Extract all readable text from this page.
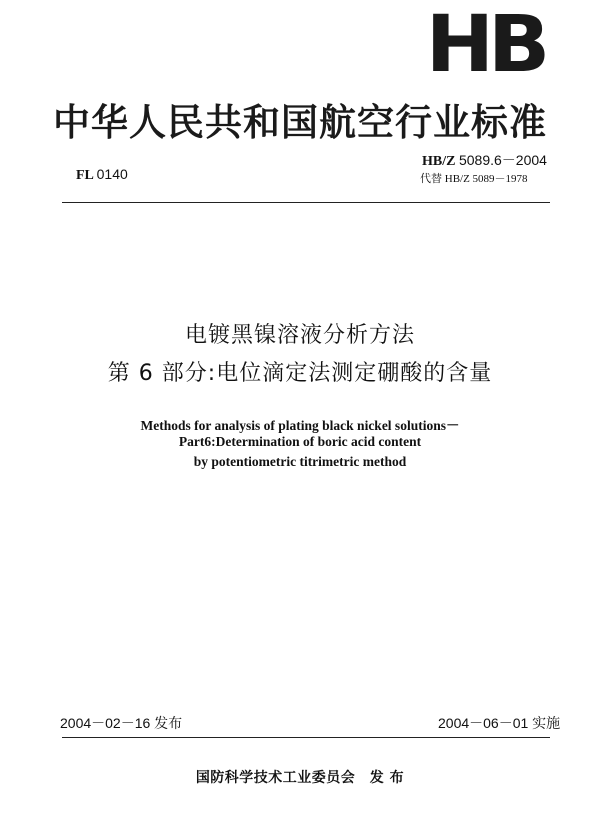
HB
中华人民共和国航空行业标准
FL 0140
HB/Z 5089.6－2004
代替 HB/Z 5089－1978
电镀黑镍溶液分析方法
第 6 部分:电位滴定法测定硼酸的含量
Methods for analysis of plating black nickel solutions－
Part6:Determination of boric acid content
by potentiometric titrimetric method
2004－02－16 发布	2004－06－01 实施
国防科学技术工业委员会　发 布
